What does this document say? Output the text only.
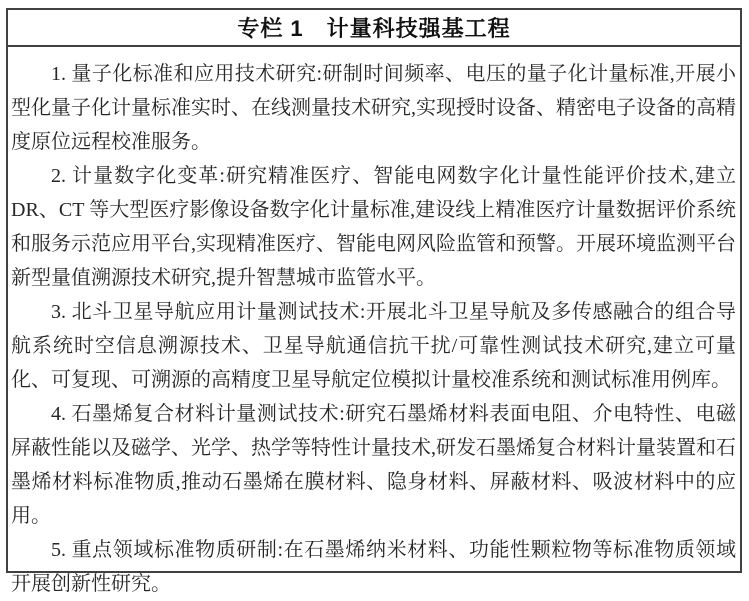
专栏 1　计量科技强基工程

1. 量子化标准和应用技术研究:研制时间频率、电压的量子化计量标准,开展小型化量子化计量标准实时、在线测量技术研究,实现授时设备、精密电子设备的高精度原位远程校准服务。

2. 计量数字化变革:研究精准医疗、智能电网数字化计量性能评价技术,建立DR、CT 等大型医疗影像设备数字化计量标准,建设线上精准医疗计量数据评价系统和服务示范应用平台,实现精准医疗、智能电网风险监管和预警。开展环境监测平台新型量值溯源技术研究,提升智慧城市监管水平。

3. 北斗卫星导航应用计量测试技术:开展北斗卫星导航及多传感融合的组合导航系统时空信息溯源技术、卫星导航通信抗干扰/可靠性测试技术研究,建立可量化、可复现、可溯源的高精度卫星导航定位模拟计量校准系统和测试标准用例库。

4. 石墨烯复合材料计量测试技术:研究石墨烯材料表面电阻、介电特性、电磁屏蔽性能以及磁学、光学、热学等特性计量技术,研发石墨烯复合材料计量装置和石墨烯材料标准物质,推动石墨烯在膜材料、隐身材料、屏蔽材料、吸波材料中的应用。

5. 重点领域标准物质研制:在石墨烯纳米材料、功能性颗粒物等标准物质领域开展创新性研究。
